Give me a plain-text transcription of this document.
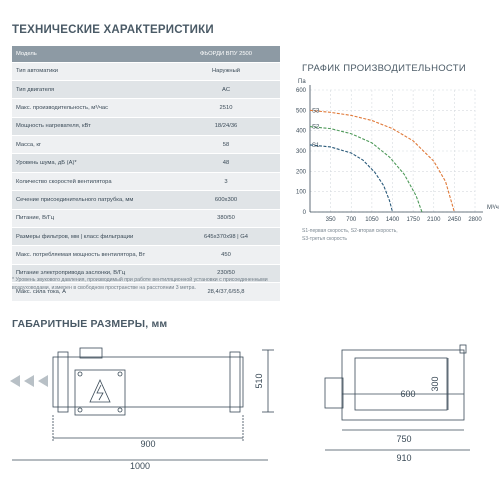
ТЕХНИЧЕСКИЕ ХАРАКТЕРИСТИКИ
Модель	ФЬОРДИ ВПУ 2500
Тип автоматики	Наружный
Тип двигателя	AC
Макс. производительность, м³/час	2510
Мощность нагревателя, кВт	18/24/36
Масса, кг	58
Уровень шума, дБ (А)*	48
Количество скоростей вентилятора	3
Сечение присоединительного патрубка, мм	600х300
Питание, В/Гц	380/50
Размеры фильтров, мм | класс фильтрации	645х370х98 | G4
Макс. потребляемая мощность вентилятора, Вт	450
Питание электропривода заслонки, В/Гц	230/50
Макс. сила тока, А	28,4/37,6/55,8
* Уровень звукового давления, производимый при работе вентиляционной установки с присоединенными воздуховодами, измерен в свободном пространстве на расстоянии 3 метра.
ГРАФИК ПРОИЗВОДИТЕЛЬНОСТИ
0
100
200
300
400
500
600
350 700 1050 1400 1750 2100 2450 2800
Па
М³/ч
S1
S2
S3
S1-первая скорость, S2-вторая скорость,
S3-третья скорость
ГАБАРИТНЫЕ РАЗМЕРЫ, мм
900
1000
510
600
300
750
910
